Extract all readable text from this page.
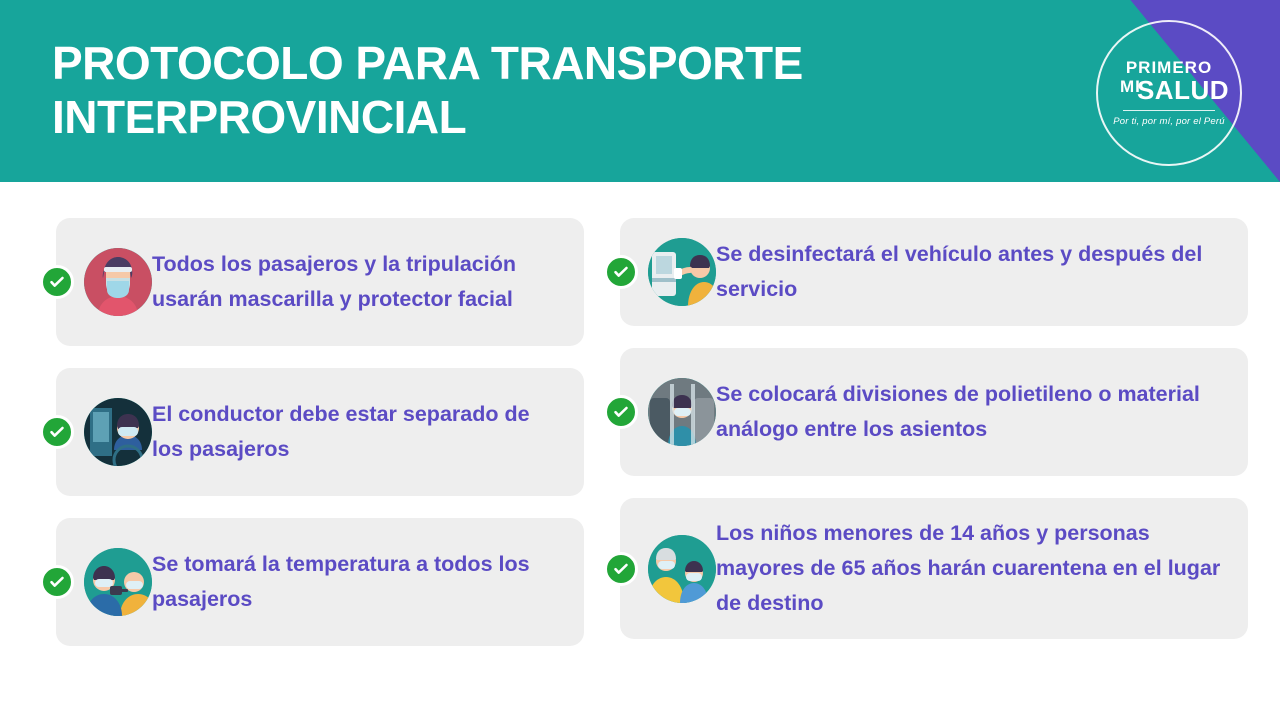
PROTOCOLO PARA TRANSPORTE INTERPROVINCIAL
PRIMERO
MI
SALUD
Por ti, por mí, por el Perú
Todos los pasajeros y la tripulación usarán mascarilla y protector facial
El conductor debe estar separado de los pasajeros
Se tomará la temperatura a todos los pasajeros
Se desinfectará el vehículo antes y después del servicio
Se colocará divisiones de polietileno o material análogo entre los asientos
Los niños menores de 14 años y personas mayores de 65 años harán cuarentena en el lugar de destino
